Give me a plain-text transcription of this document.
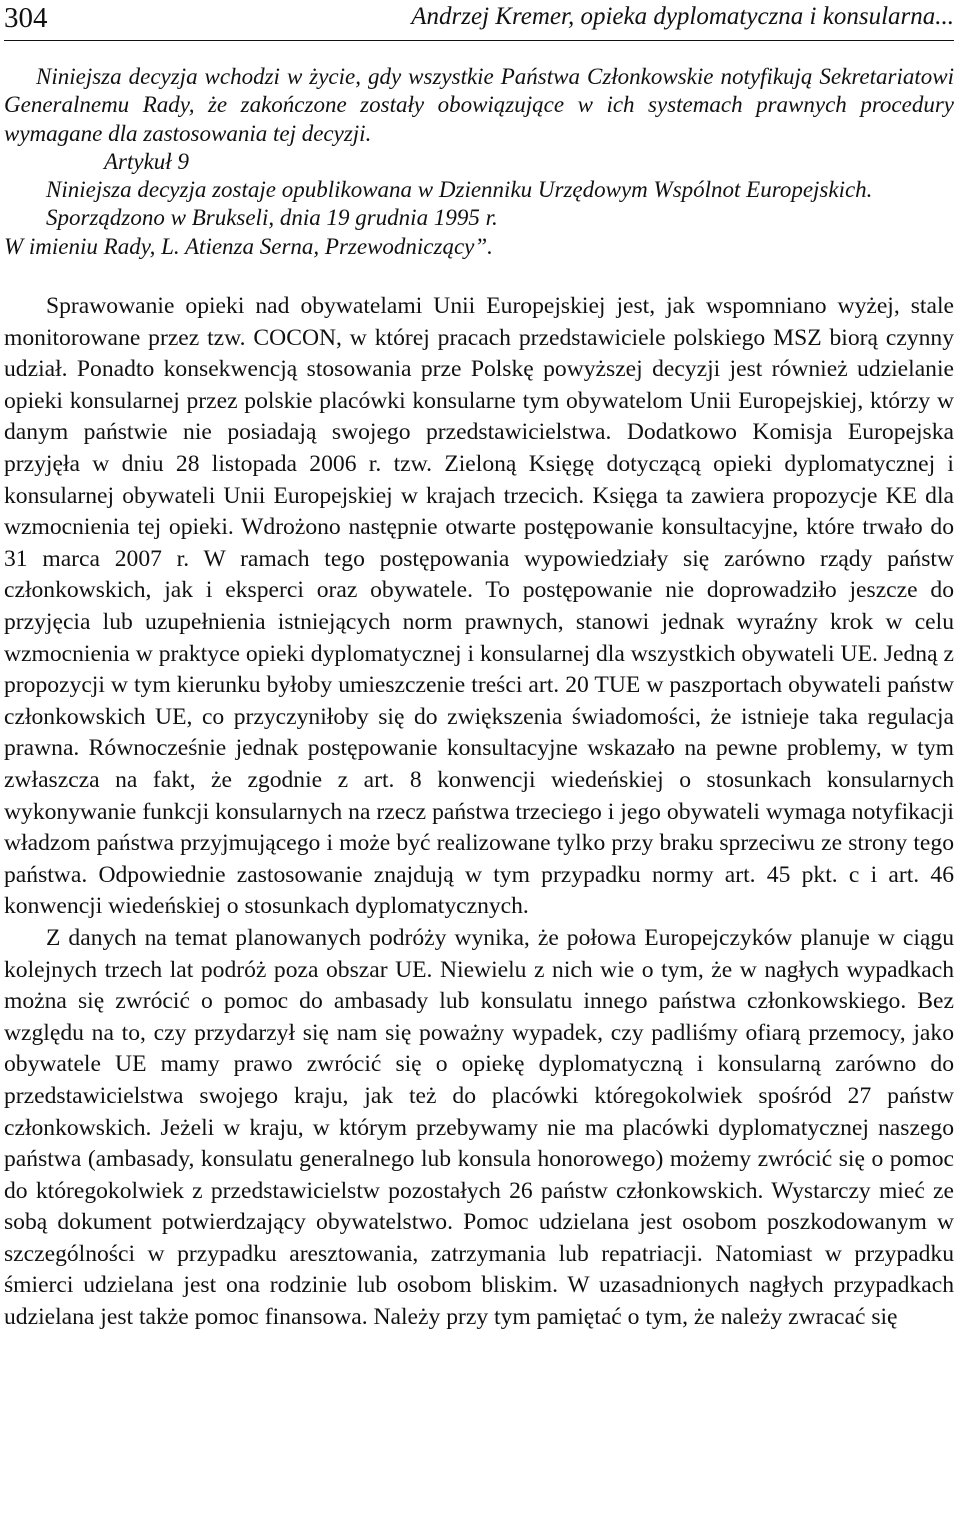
304	Andrzej Kremer, opieka dyplomatyczna i konsularna...

Niniejsza decyzja wchodzi w życie, gdy wszystkie Państwa Członkowskie notyfikują Sekretariatowi Generalnemu Rady, że zakończone zostały obowiązujące w ich systemach prawnych procedury wymagane dla zastosowania tej decyzji.

Artykuł 9

Niniejsza decyzja zostaje opublikowana w Dzienniku Urzędowym Wspólnot Europejskich.

Sporządzono w Brukseli, dnia 19 grudnia 1995 r.

W imieniu Rady, L. Atienza Serna, Przewodniczący”.

Sprawowanie opieki nad obywatelami Unii Europejskiej jest, jak wspomniano wyżej, stale monitorowane przez tzw. COCON, w której pracach przedstawiciele polskiego MSZ biorą czynny udział. Ponadto konsekwencją stosowania prze Polskę powyższej decyzji jest również udzielanie opieki konsularnej przez polskie placówki konsularne tym obywatelom Unii Europejskiej, którzy w danym państwie nie posiadają swojego przedstawicielstwa. Dodatkowo Komisja Europejska przyjęła w dniu 28 listopada 2006 r. tzw. Zieloną Księgę dotyczącą opieki dyplomatycznej i konsularnej obywateli Unii Europejskiej w krajach trzecich. Księga ta zawiera propozycje KE dla wzmocnienia tej opieki. Wdrożono następnie otwarte postępowanie konsultacyjne, które trwało do 31 marca 2007 r. W ramach tego postępowania wypowiedziały się zarówno rządy państw członkowskich, jak i eksperci oraz obywatele. To postępowanie nie doprowadziło jeszcze do przyjęcia lub uzupełnienia istniejących norm prawnych, stanowi jednak wyraźny krok w celu wzmocnienia w praktyce opieki dyplomatycznej i konsularnej dla wszystkich obywateli UE. Jedną z propozycji w tym kierunku byłoby umieszczenie treści art. 20 TUE w paszportach obywateli państw członkowskich UE, co przyczyniłoby się do zwiększenia świadomości, że istnieje taka regulacja prawna. Równocześnie jednak postępowanie konsultacyjne wskazało na pewne problemy, w tym zwłaszcza na fakt, że zgodnie z art. 8 konwencji wiedeńskiej o stosunkach konsularnych wykonywanie funkcji konsularnych na rzecz państwa trzeciego i jego obywateli wymaga notyfikacji władzom państwa przyjmującego i może być realizowane tylko przy braku sprzeciwu ze strony tego państwa. Odpowiednie zastosowanie znajdują w tym przypadku normy art. 45 pkt. c i art. 46 konwencji wiedeńskiej o stosunkach dyplomatycznych.

Z danych na temat planowanych podróży wynika, że połowa Europejczyków planuje w ciągu kolejnych trzech lat podróż poza obszar UE. Niewielu z nich wie o tym, że w nagłych wypadkach można się zwrócić o pomoc do ambasady lub konsulatu innego państwa członkowskiego. Bez względu na to, czy przydarzył się nam się poważny wypadek, czy padliśmy ofiarą przemocy, jako obywatele UE mamy prawo zwrócić się o opiekę dyplomatyczną i konsularną zarówno do przedstawicielstwa swojego kraju, jak też do placówki któregokolwiek spośród 27 państw członkowskich. Jeżeli w kraju, w którym przebywamy nie ma placówki dyplomatycznej naszego państwa (ambasady, konsulatu generalnego lub konsula honorowego) możemy zwrócić się o pomoc do któregokolwiek z przedstawicielstw pozostałych 26 państw członkowskich. Wystarczy mieć ze sobą dokument potwierdzający obywatelstwo. Pomoc udzielana jest osobom poszkodowanym w szczególności w przypadku aresztowania, zatrzymania lub repatriacji. Natomiast w przypadku śmierci udzielana jest ona rodzinie lub osobom bliskim. W uzasadnionych nagłych przypadkach udzielana jest także pomoc finansowa. Należy przy tym pamiętać o tym, że należy zwracać się
